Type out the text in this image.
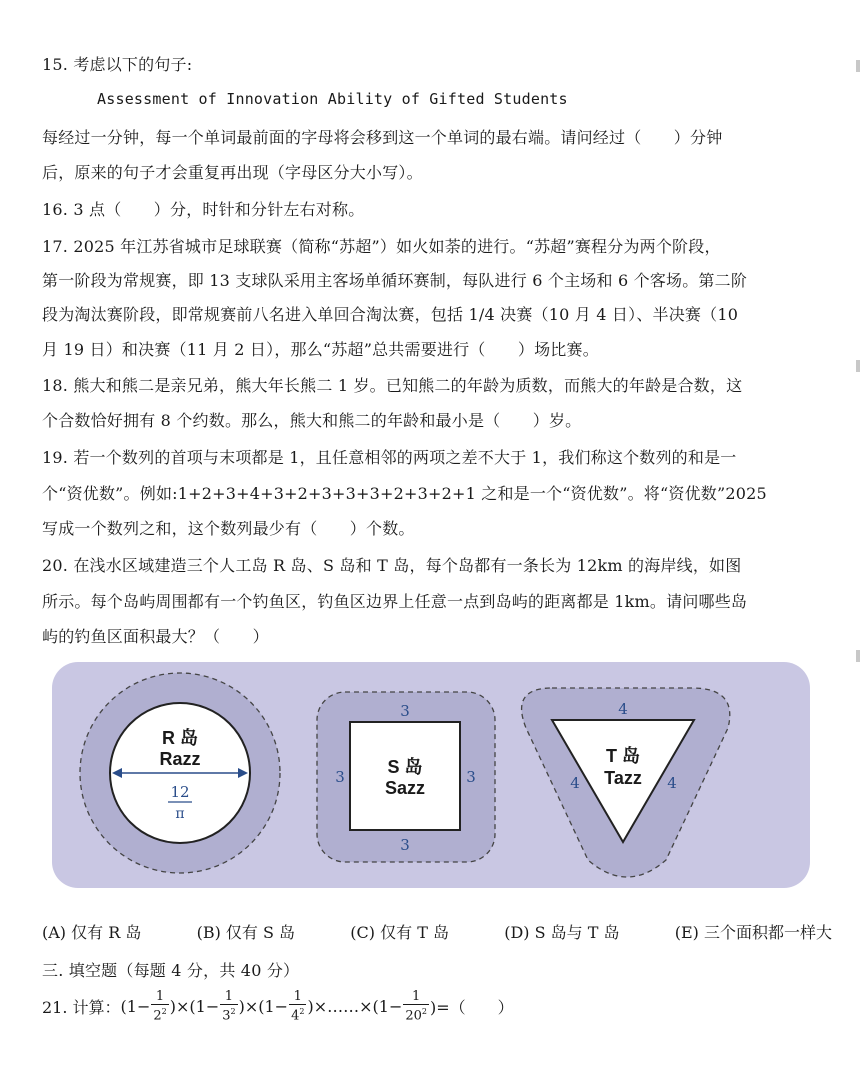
15. 考虑以下的句子:
Assessment of Innovation Ability of Gifted Students
每经过一分钟，每一个单词最前面的字母将会移到这一个单词的最右端。请问经过（　　）分钟
后，原来的句子才会重复再出现（字母区分大小写）。
16. 3 点（　　）分，时针和分针左右对称。
17. 2025 年江苏省城市足球联赛（简称“苏超”）如火如荼的进行。“苏超”赛程分为两个阶段，
第一阶段为常规赛，即 13 支球队采用主客场单循环赛制，每队进行 6 个主场和 6 个客场。第二阶
段为淘汰赛阶段，即常规赛前八名进入单回合淘汰赛，包括 1/4 决赛（10 月 4 日）、半决赛（10
月 19 日）和决赛（11 月 2 日），那么“苏超”总共需要进行（　　）场比赛。
18. 熊大和熊二是亲兄弟，熊大年长熊二 1 岁。已知熊二的年龄为质数，而熊大的年龄是合数，这
个合数恰好拥有 8 个约数。那么，熊大和熊二的年龄和最小是（　　）岁。
19. 若一个数列的首项与末项都是 1，且任意相邻的两项之差不大于 1，我们称这个数列的和是一
个“资优数”。例如:1+2+3+4+3+2+3+3+3+2+3+2+1 之和是一个“资优数”。将“资优数”2025
写成一个数列之和，这个数列最少有（　　）个数。
20. 在浅水区域建造三个人工岛 R 岛、S 岛和 T 岛，每个岛都有一条长为 12km 的海岸线，如图
所示。每个岛屿周围都有一个钓鱼区，钓鱼区边界上任意一点到岛屿的距离都是 1km。请问哪些岛
屿的钓鱼区面积最大？（　　）
R 岛
Razz
12
π
3
3	3
3
S 岛
Sazz
4
4	4
T 岛
Tazz
(A) 仅有 R 岛	(B) 仅有 S 岛	(C) 仅有 T 岛	(D) S 岛与 T 岛	(E) 三个面积都一样大
三. 填空题（每题 4 分，共 40 分）
21. 计算：$(1- \frac{1}{2^2} )\times(1- \frac{1}{3^2} )\times(1- \frac{1}{4^2}$ )×……×(1− $\frac{1}{20^2}$ )=（　　）
